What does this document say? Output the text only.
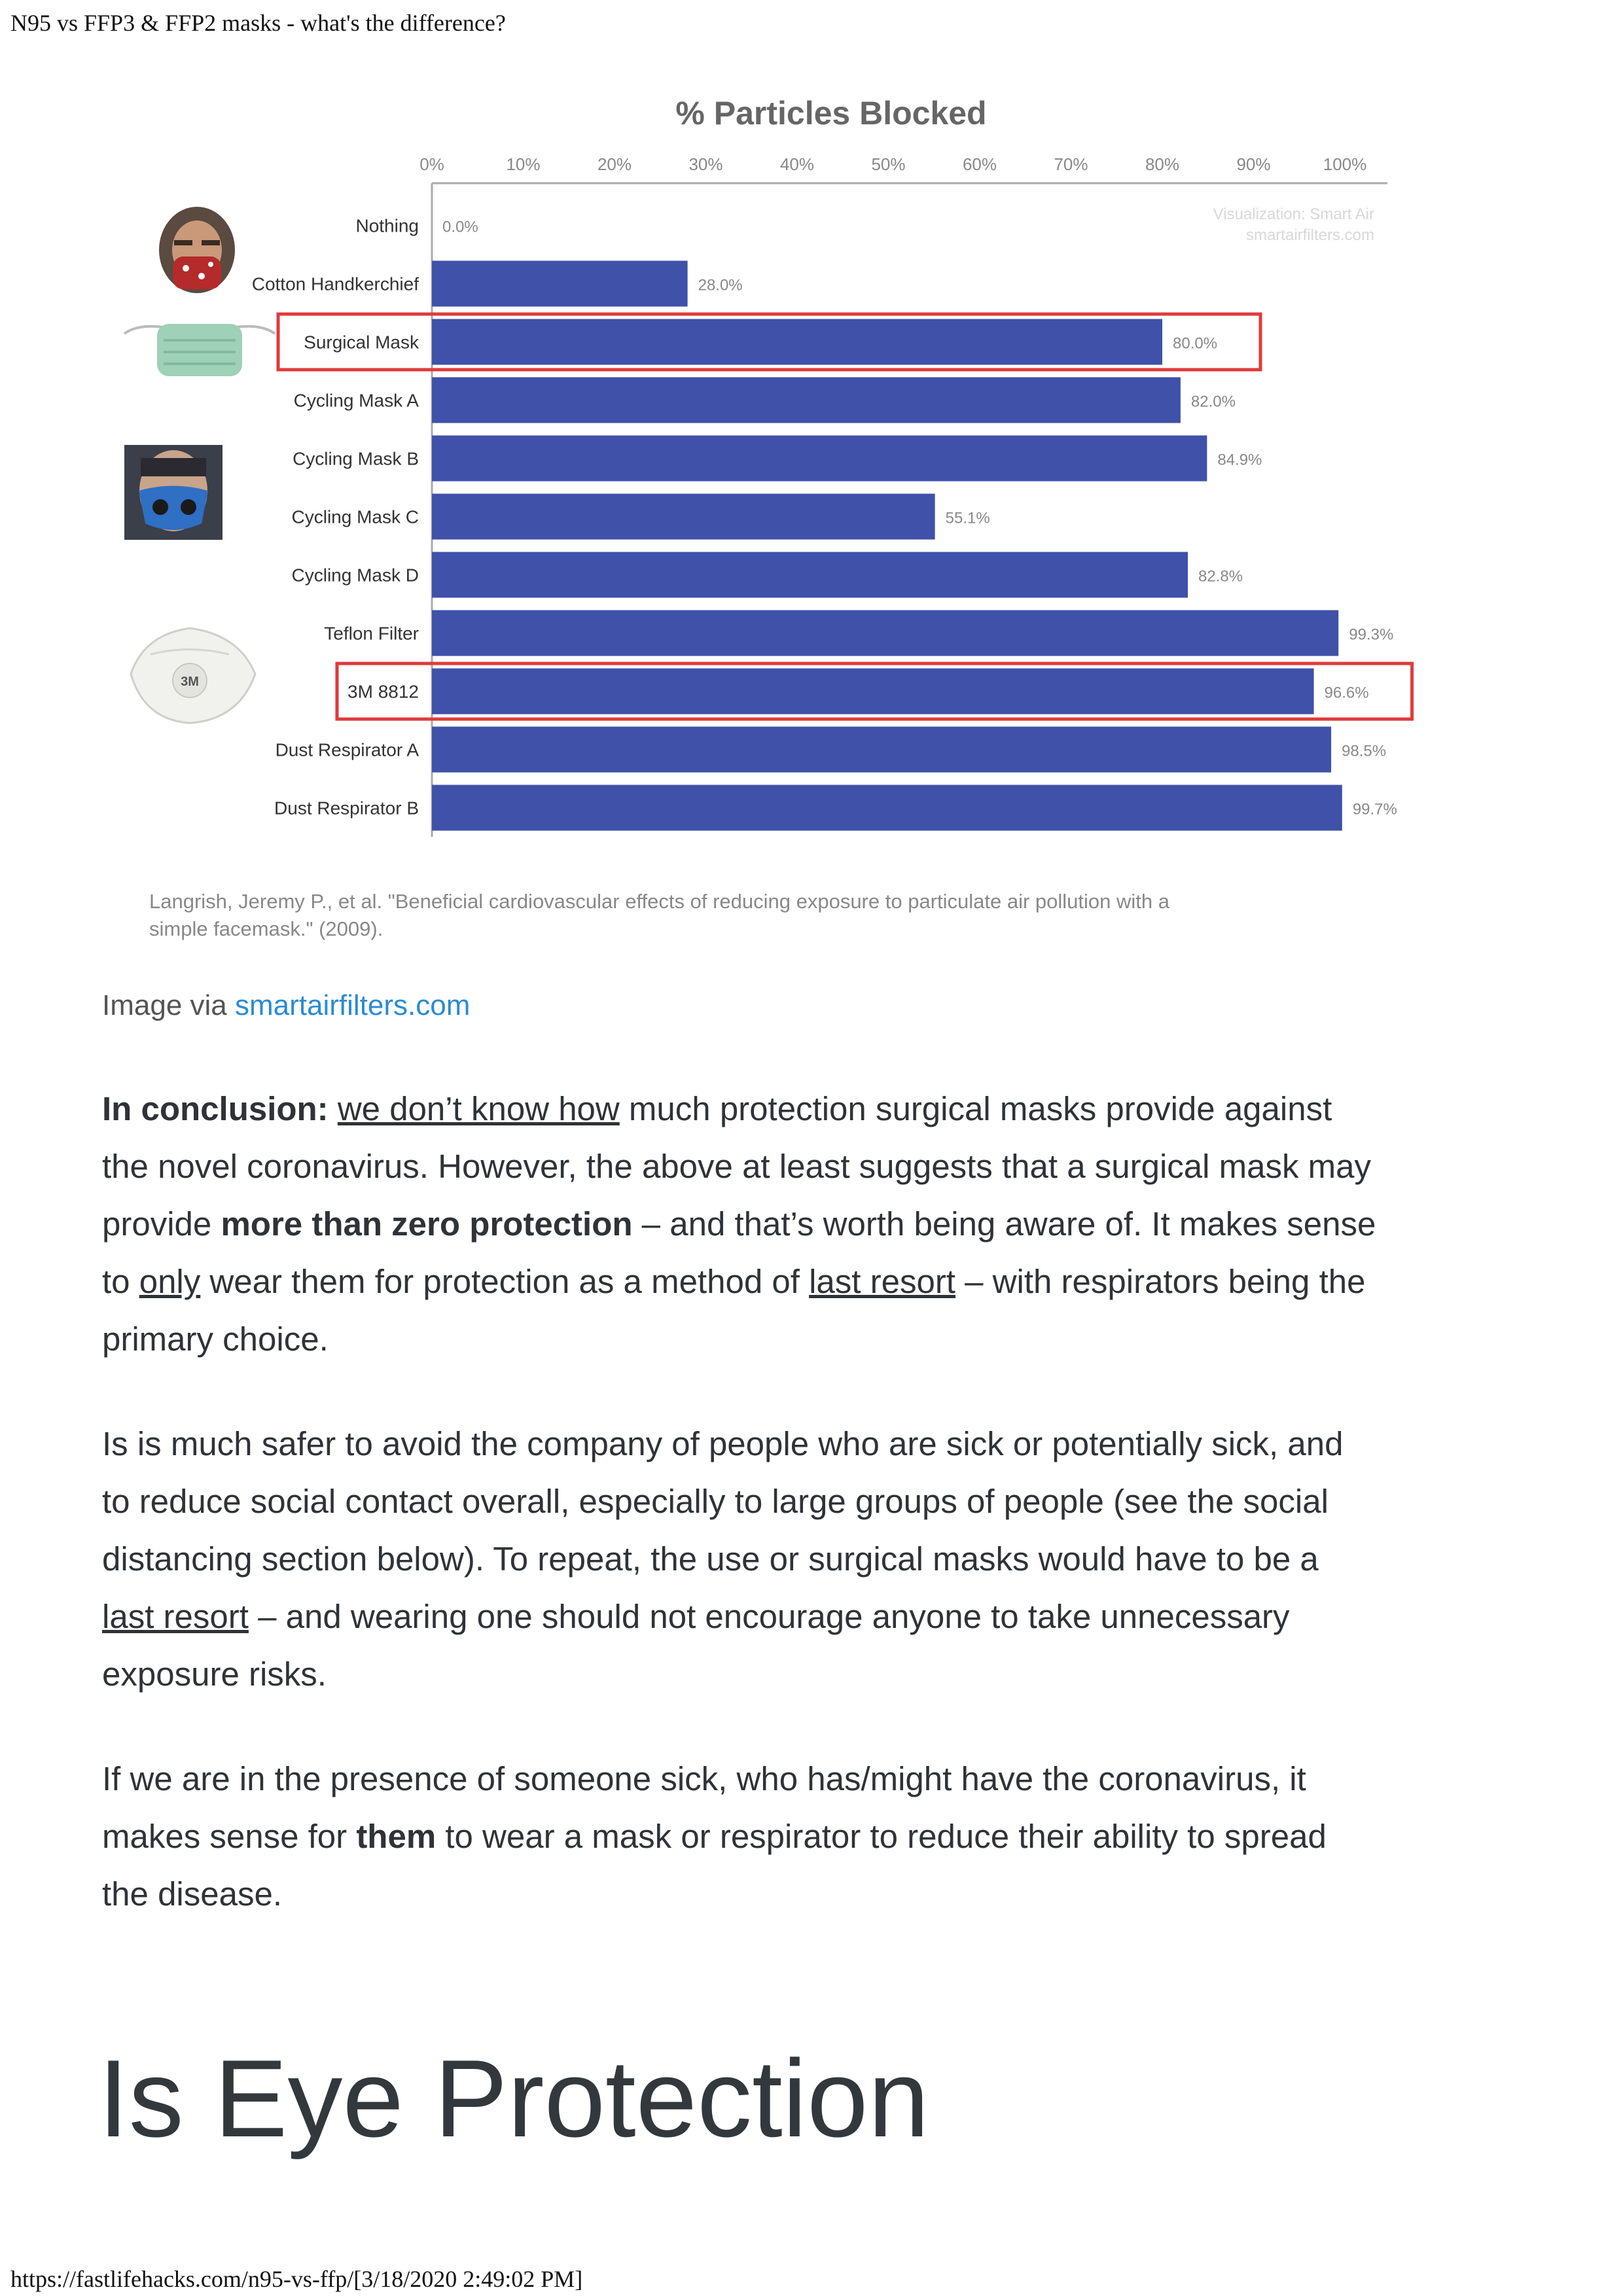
N95 vs FFP3 & FFP2 masks - what's the difference?
% Particles Blocked
0%	10%	20%	30%	40%	50%	60%	70%	80%	90%	100%
Nothing
Cotton Handkerchief
Surgical Mask
Cycling Mask A
Cycling Mask B
Cycling Mask C
Cycling Mask D
Teflon Filter
3M 8812
Dust Respirator A
Dust Respirator B
0.0%
28.0%
80.0%
82.0%
84.9%
55.1%
82.8%
99.3%
96.6%
98.5%
99.7%
Visualization: Smart Air
smartairfilters.com
Langrish, Jeremy P., et al. "Beneficial cardiovascular effects of reducing exposure to particulate air pollution with a
simple facemask." (2009).
3M
Image via smartairfilters.com
In conclusion: we don’t know how much protection surgical masks provide against
the novel coronavirus. However, the above at least suggests that a surgical mask may
provide more than zero protection – and that’s worth being aware of. It makes sense
to only wear them for protection as a method of last resort – with respirators being the
primary choice.
Is is much safer to avoid the company of people who are sick or potentially sick, and
to reduce social contact overall, especially to large groups of people (see the social
distancing section below). To repeat, the use or surgical masks would have to be a
last resort – and wearing one should not encourage anyone to take unnecessary
exposure risks.
If we are in the presence of someone sick, who has/might have the coronavirus, it
makes sense for them to wear a mask or respirator to reduce their ability to spread
the disease.
Is Eye Protection
https://fastlifehacks.com/n95-vs-ffp/[3/18/2020 2:49:02 PM]
